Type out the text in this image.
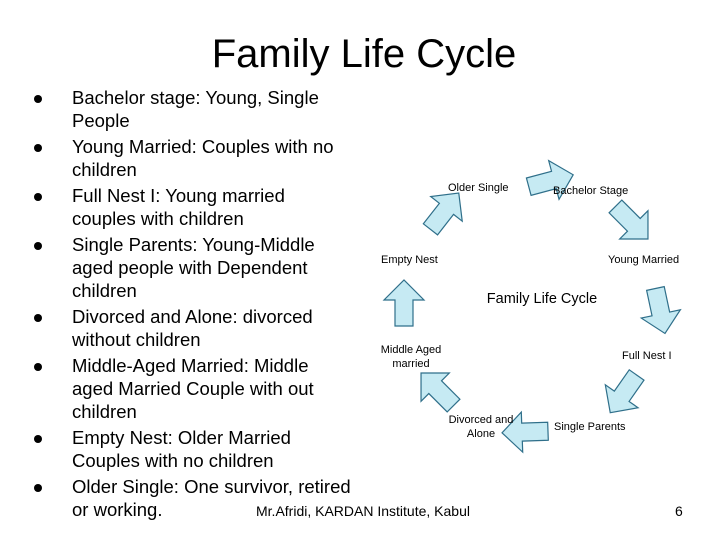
Family Life Cycle
Bachelor stage: Young, Single People
Young Married: Couples with no children
Full Nest I: Young married couples with children
Single Parents: Young-Middle aged people with Dependent children
Divorced and Alone: divorced without children
Middle-Aged Married: Middle aged Married Couple with out children
Empty Nest: Older Married Couples with no children
Older Single: One survivor, retired or working.
Bachelor Stage
Young Married
Full Nest I
Single Parents
Divorced and
Alone
Middle Aged
married
Empty Nest
Older Single
Family Life Cycle
Mr.Afridi, KARDAN Institute, Kabul	6
